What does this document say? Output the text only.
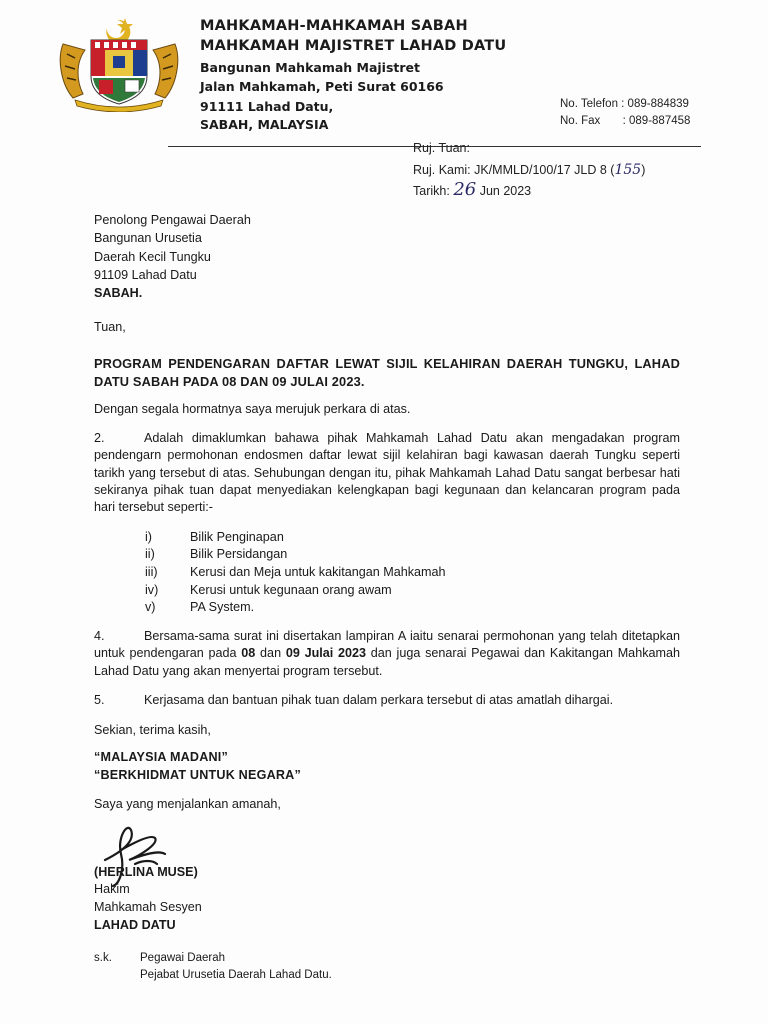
MAHKAMAH-MAHKAMAH SABAH
MAHKAMAH MAJISTRET LAHAD DATU
Bangunan Mahkamah Majistret
Jalan Mahkamah, Peti Surat 60166
91111 Lahad Datu,
SABAH, MALAYSIA
No. Telefon : 089-884839
No. Fax       : 089-887458
Ruj. Tuan:
Ruj. Kami: JK/MMLD/100/17 JLD 8 (155)
Tarikh: 26 Jun 2023
Penolong Pengawai Daerah
Bangunan Urusetia
Daerah Kecil Tungku
91109 Lahad Datu
SABAH.
Tuan,
PROGRAM PENDENGARAN DAFTAR LEWAT SIJIL KELAHIRAN DAERAH TUNGKU, LAHAD DATU SABAH PADA 08 DAN 09 JULAI 2023.
Dengan segala hormatnya saya merujuk perkara di atas.
2.	Adalah dimaklumkan bahawa pihak Mahkamah Lahad Datu akan mengadakan program pendengarn permohonan endosmen daftar lewat sijil kelahiran bagi kawasan daerah Tungku seperti tarikh yang tersebut di atas. Sehubungan dengan itu, pihak Mahkamah Lahad Datu sangat berbesar hati sekiranya pihak tuan dapat menyediakan kelengkapan bagi kegunaan dan kelancaran program pada hari tersebut seperti:-
i)	Bilik Penginapan
ii)	Bilik Persidangan
iii)	Kerusi dan Meja untuk kakitangan Mahkamah
iv)	Kerusi untuk kegunaan orang awam
v)	PA System.
4.	Bersama-sama surat ini disertakan lampiran A iaitu senarai permohonan yang telah ditetapkan untuk pendengaran pada 08 dan 09 Julai 2023 dan juga senarai Pegawai dan Kakitangan Mahkamah Lahad Datu yang akan menyertai program tersebut.
5.	Kerjasama dan bantuan pihak tuan dalam perkara tersebut di atas amatlah dihargai.
Sekian, terima kasih,
“MALAYSIA MADANI”
“BERKHIDMAT UNTUK NEGARA”
Saya yang menjalankan amanah,
(HERLINA MUSE)
Hakim
Mahkamah Sesyen
LAHAD DATU
s.k. Pegawai Daerah
Pejabat Urusetia Daerah Lahad Datu.
